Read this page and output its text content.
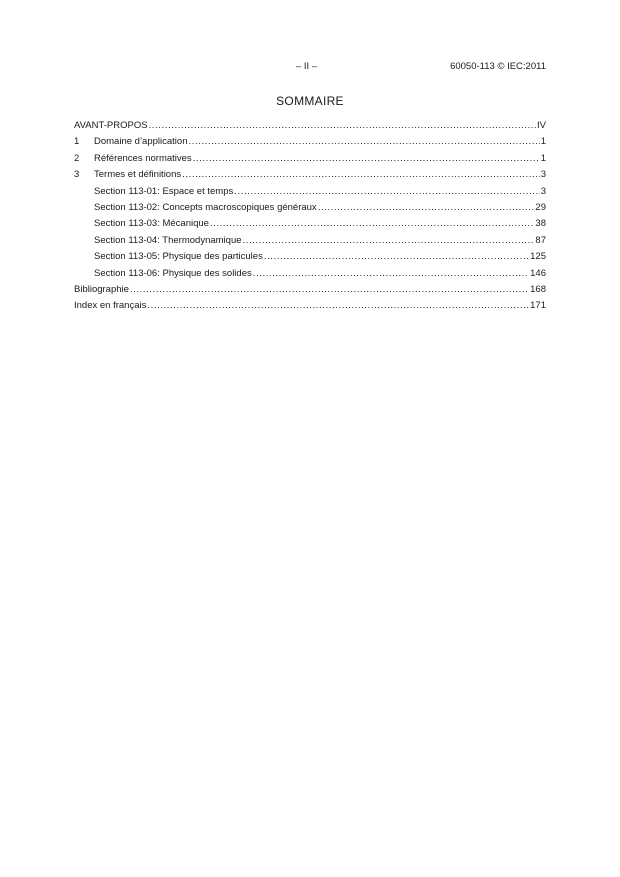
– II –	60050-113 © IEC:2011
SOMMAIRE
AVANT-PROPOS .....	IV
1	Domaine d’application .....	1
2	Références normatives .....	1
3	Termes et définitions .....	3
Section 113-01: Espace et temps .....	3
Section 113-02: Concepts macroscopiques généraux .....	29
Section 113-03: Mécanique .....	38
Section 113-04: Thermodynamique .....	87
Section 113-05: Physique des particules .....	125
Section 113-06: Physique des solides .....	146
Bibliographie .....	168
Index en français .....	171
